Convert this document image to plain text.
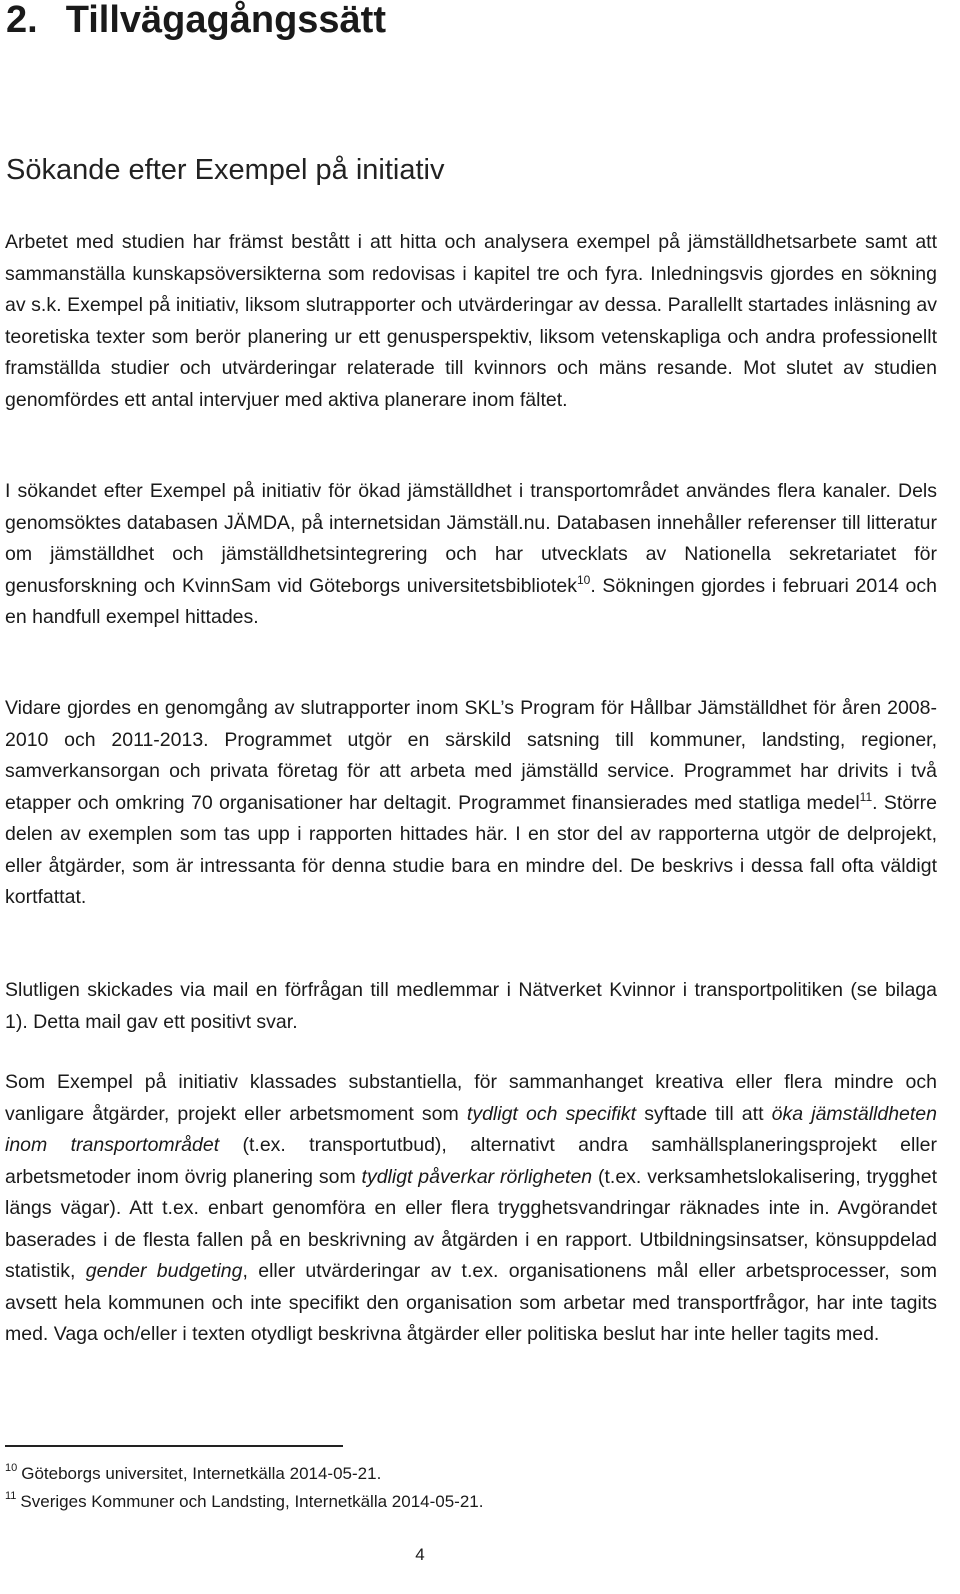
2. Tillvägagångssätt
Sökande efter Exempel på initiativ

Arbetet med studien har främst bestått i att hitta och analysera exempel på jämställdhetsarbete samt att sammanställa kunskapsöversikterna som redovisas i kapitel tre och fyra. Inledningsvis gjordes en sökning av s.k. Exempel på initiativ, liksom slutrapporter och utvärderingar av dessa. Parallellt startades inläsning av teoretiska texter som berör planering ur ett genusperspektiv, liksom vetenskapliga och andra professionellt framställda studier och utvärderingar relaterade till kvinnors och mäns resande. Mot slutet av studien genomfördes ett antal intervjuer med aktiva planerare inom fältet.

I sökandet efter Exempel på initiativ för ökad jämställdhet i transportområdet användes flera kanaler. Dels genomsöktes databasen JÄMDA, på internetsidan Jämställ.nu. Databasen innehåller referenser till litteratur om jämställdhet och jämställdhetsintegrering och har utvecklats av Nationella sekretariatet för genusforskning och KvinnSam vid Göteborgs universitetsbibliotek$^{10}$. Sökningen gjordes i februari 2014 och en handfull exempel hittades.

Vidare gjordes en genomgång av slutrapporter inom SKL’s Program för Hållbar Jämställdhet för åren 2008-2010 och 2011-2013. Programmet utgör en särskild satsning till kommuner, landsting, regioner, samverkansorgan och privata företag för att arbeta med jämställd service. Programmet har drivits i två etapper och omkring 70 organisationer har deltagit. Programmet finansierades med statliga medel$^{11}$. Större delen av exemplen som tas upp i rapporten hittades här. I en stor del av rapporterna utgör de delprojekt, eller åtgärder, som är intressanta för denna studie bara en mindre del. De beskrivs i dessa fall ofta väldigt kortfattat.

Slutligen skickades via mail en förfrågan till medlemmar i Nätverket Kvinnor i transportpolitiken (se bilaga 1). Detta mail gav ett positivt svar.

Som Exempel på initiativ klassades substantiella, för sammanhanget kreativa eller flera mindre och vanligare åtgärder, projekt eller arbetsmoment som tydligt och specifikt syftade till att öka jämställdheten inom transportområdet (t.ex. transportutbud), alternativt andra samhällsplaneringsprojekt eller arbetsmetoder inom övrig planering som tydligt påverkar rörligheten (t.ex. verksamhetslokalisering, trygghet längs vägar). Att t.ex. enbart genomföra en eller flera trygghetsvandringar räknades inte in. Avgörandet baserades i de flesta fallen på en beskrivning av åtgärden i en rapport. Utbildningsinsatser, könsuppdelad statistik, gender budgeting, eller utvärderingar av t.ex. organisationens mål eller arbetsprocesser, som avsett hela kommunen och inte specifikt den organisation som arbetar med transportfrågor, har inte tagits med. Vaga och/eller i texten otydligt beskrivna åtgärder eller politiska beslut har inte heller tagits med.

$^{10}$ Göteborgs universitet, Internetkälla 2014-05-21.

$^{11}$ Sveriges Kommuner och Landsting, Internetkälla 2014-05-21.

4
